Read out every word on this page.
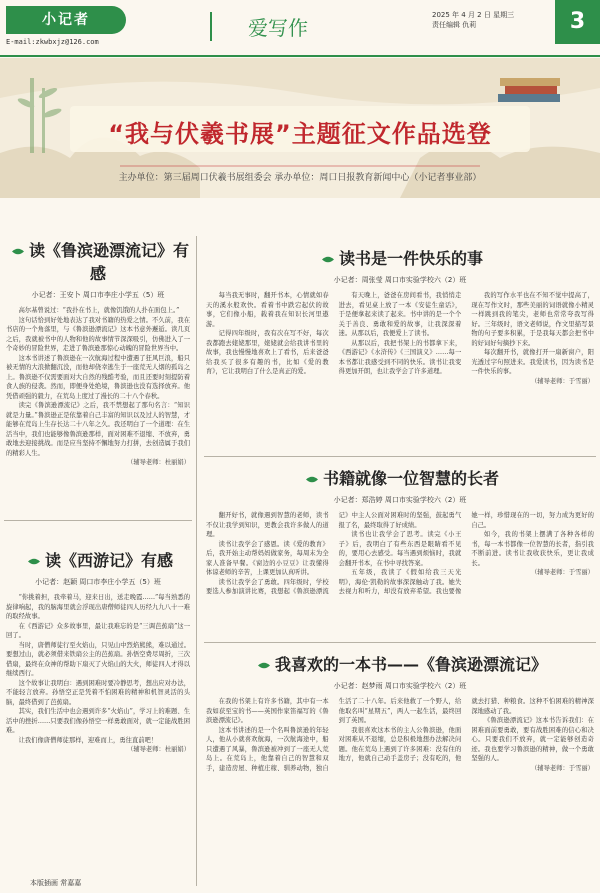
小记者
E-mail:zkwbxjz@126.com
爱写作
2025 年 4 月 2 日 星期三
责任编辑 仇莉	3
“我与伏羲书展”主题征文作品选登
主办单位：第三届周口伏羲书展组委会 承办单位：周口日报教育新闻中心（小记者事业部）
读《鲁滨逊漂流记》有感
小记者：王安卜 周口市李庄小学五（5）班

高尔基曾说过：“我扑在书上，就像饥饿的人扑在面包上。”

这句话恰到好处地表达了我对书籍的热爱之情。不久前，我在书店的一个角落里，与《鲁滨逊漂流记》这本书意外邂逅。读几页之后，我就被书中的人物和他的故事情节深深吸引，仿佛进入了一个奇妙的冒险世界，走进了鲁滨逊那惊心动魄的冒险世界当中。

这本书讲述了鲁滨逊在一次航海过程中遭遇了狂风巨浪，船只被无情的大浪掀翻沉没，而他却侥幸逃生于一座荒无人烟的孤岛之上。鲁滨逊不仅需要面对大自然的残酷考验，而且还要时刻提防着食人族的侵袭。然而，即便身处绝境，鲁滨逊也没有选择放弃。他凭借顽强的毅力，在荒岛上度过了漫长的二十八个春秋。

读完《鲁滨逊漂流记》之后，我不禁想起了那句名言：“知识就是力量。”鲁滨逊正是依靠着自己丰富的知识以及过人的智慧，才能够在荒岛上生存长达二十八年之久。我还明白了一个道理：在生活当中，我们也能够像鲁滨逊那样，面对困难不退缩、不放弃，勇敢地去迎接挑战。而是应当坚持不懈地努力打拼，去创造属于我们的精彩人生。

（辅导老师：杜丽娟）

读《西游记》有感
小记者：赵颖 周口市李庄小学五（5）班

“你挑着担，我牵着马，迎来日出，送走晚霞……”每当熟悉的旋律响起，我的脑海里就会浮现出唐僧师徒四人历经九九八十一难的取经故事。

在《西游记》众多故事里，最让我难忘的是“三调芭蕉扇”这一回了。

当时，唐僧师徒行至火焰山，只见山中烈焰熊熊，难以通过。要想过山，就必须借来铁扇公主的芭蕉扇。孙悟空费尽周折，三次借扇，最终在众神的帮助下扇灭了火焰山的大火，师徒四人才得以继续西行。

这个故事让我明白：遇到困难时要冷静思考，想出应对办法，不能轻言放弃。孙悟空正是凭着不怕困难的精神和机智灵活的头脑，最终借到了芭蕉扇。

其实，我们生活中也会遇到许多“火焰山”，学习上的难题、生活中的挫折……只要我们像孙悟空一样勇敢面对，就一定能战胜困难。

让我们像唐僧师徒那样，迎难而上，勇往直前吧！

（辅导老师：杜丽娟）

读书是一件快乐的事
小记者：周张莹 周口市实验学校六（2）班

每当我无事时，翻开书本，心情就如春天的溪水般欢快。看着书中跌宕起伏的故事，它们像小船，载着我在知识长河里遨游。

记得四年级时，我有次在写不好，每次我都跑去姥姥那里，姥姥就会给我讲书里的故事，我也慢慢地喜欢上了看书，后来爸爸给我买了很多有趣的书，比如《爱的教育》，它让我明白了什么是真正的爱。

有天晚上，爸爸在房间看书，我悄悄走进去，看见桌上放了一本《安徒生童话》，于是便拿起来读了起来。书中讲的是一个个关于善良、勇敢和爱的故事，让我深深着迷。从那以后，我便爱上了读书。

从那以后，我把书架上的书都拿下来，《西游记》《水浒传》《三国演义》……每一本书都让我感受到不同的快乐。读书让我变得更加开朗，也让我学会了许多道理。

我的写作水平也在不知不觉中提高了，现在写作文时，那些美丽的词语就像小精灵一样跳到我的笔尖，老师也常常夸我写得好。三年级时，语文老师说，作文里描写景物的句子要多积累，于是我每天都会把书中的好词好句摘抄下来。

每次翻开书，就像打开一扇新窗户，阳光透过字句照进来。我爱读书，因为读书是一件快乐的事。

（辅导老师：于雪丽）

书籍就像一位智慧的长者
小记者：郑浩婷 周口市实验学校六（2）班

翻开好书，就像遇到智慧的老师，读书不仅让我学到知识，更教会我许多做人的道理。

读书让我学会了感恩。读《爱的教育》后，我开始主动帮妈妈做家务，每周末为全家人准备早餐。《窗边的小豆豆》让我懂得体谅老师的辛苦，上课更加认真听讲。

读书让我学会了勇敢。四年级时，学校要选人参加演讲比赛，我想起《鲁滨逊漂流记》中主人公面对困难时的坚强，鼓起勇气报了名，最终取得了好成绩。

读书也让我学会了思考。读完《小王子》后，我明白了有些东西是眼睛看不见的，要用心去感受。每当遇到烦恼时，我就会翻开书本，在书中寻找答案。

五年级，我读了《假如给我三天光明》，海伦·凯勒的故事深深触动了我。她失去视力和听力，却没有放弃希望。我也要像她一样，珍惜现在的一切，努力成为更好的自己。

如今，我的书架上摆满了各种各样的书，每一本书都像一位智慧的长者，指引我不断前进。读书让我收获快乐，更让我成长。

（辅导老师：于雪丽）

我喜欢的一本书——《鲁滨逊漂流记》
小记者：赵梦雨 周口市实验学校六（2）班

在我的书架上有许多书籍，其中有一本我如获至宝的书——英国作家笛福写的《鲁滨逊漂流记》。

这本书讲述的是一个名叫鲁滨逊的年轻人，他从小就喜欢航海，一次航海途中，船只遭遇了风暴，鲁滨逊被冲到了一座无人荒岛上。在荒岛上，他靠着自己的智慧和双手，建造房屋、种植庄稼、驯养动物，独自生活了二十八年。后来他救了一个野人，给他取名叫“星期五”，两人一起生活，最终回到了英国。

我很喜欢这本书的主人公鲁滨逊，他面对困难从不退缩，总是积极地想办法解决问题。他在荒岛上遇到了许多困难：没有住的地方，他就自己动手盖房子；没有吃的，他就去打猎、种粮食。这种不怕困难的精神深深地感动了我。

《鲁滨逊漂流记》这本书告诉我们：在困难面前要勇敢，要有战胜困难的信心和决心。只要我们不放弃，就一定能够创造奇迹。我也要学习鲁滨逊的精神，做一个勇敢坚强的人。

（辅导老师：于雪丽）

本版插画 常嘉嘉
